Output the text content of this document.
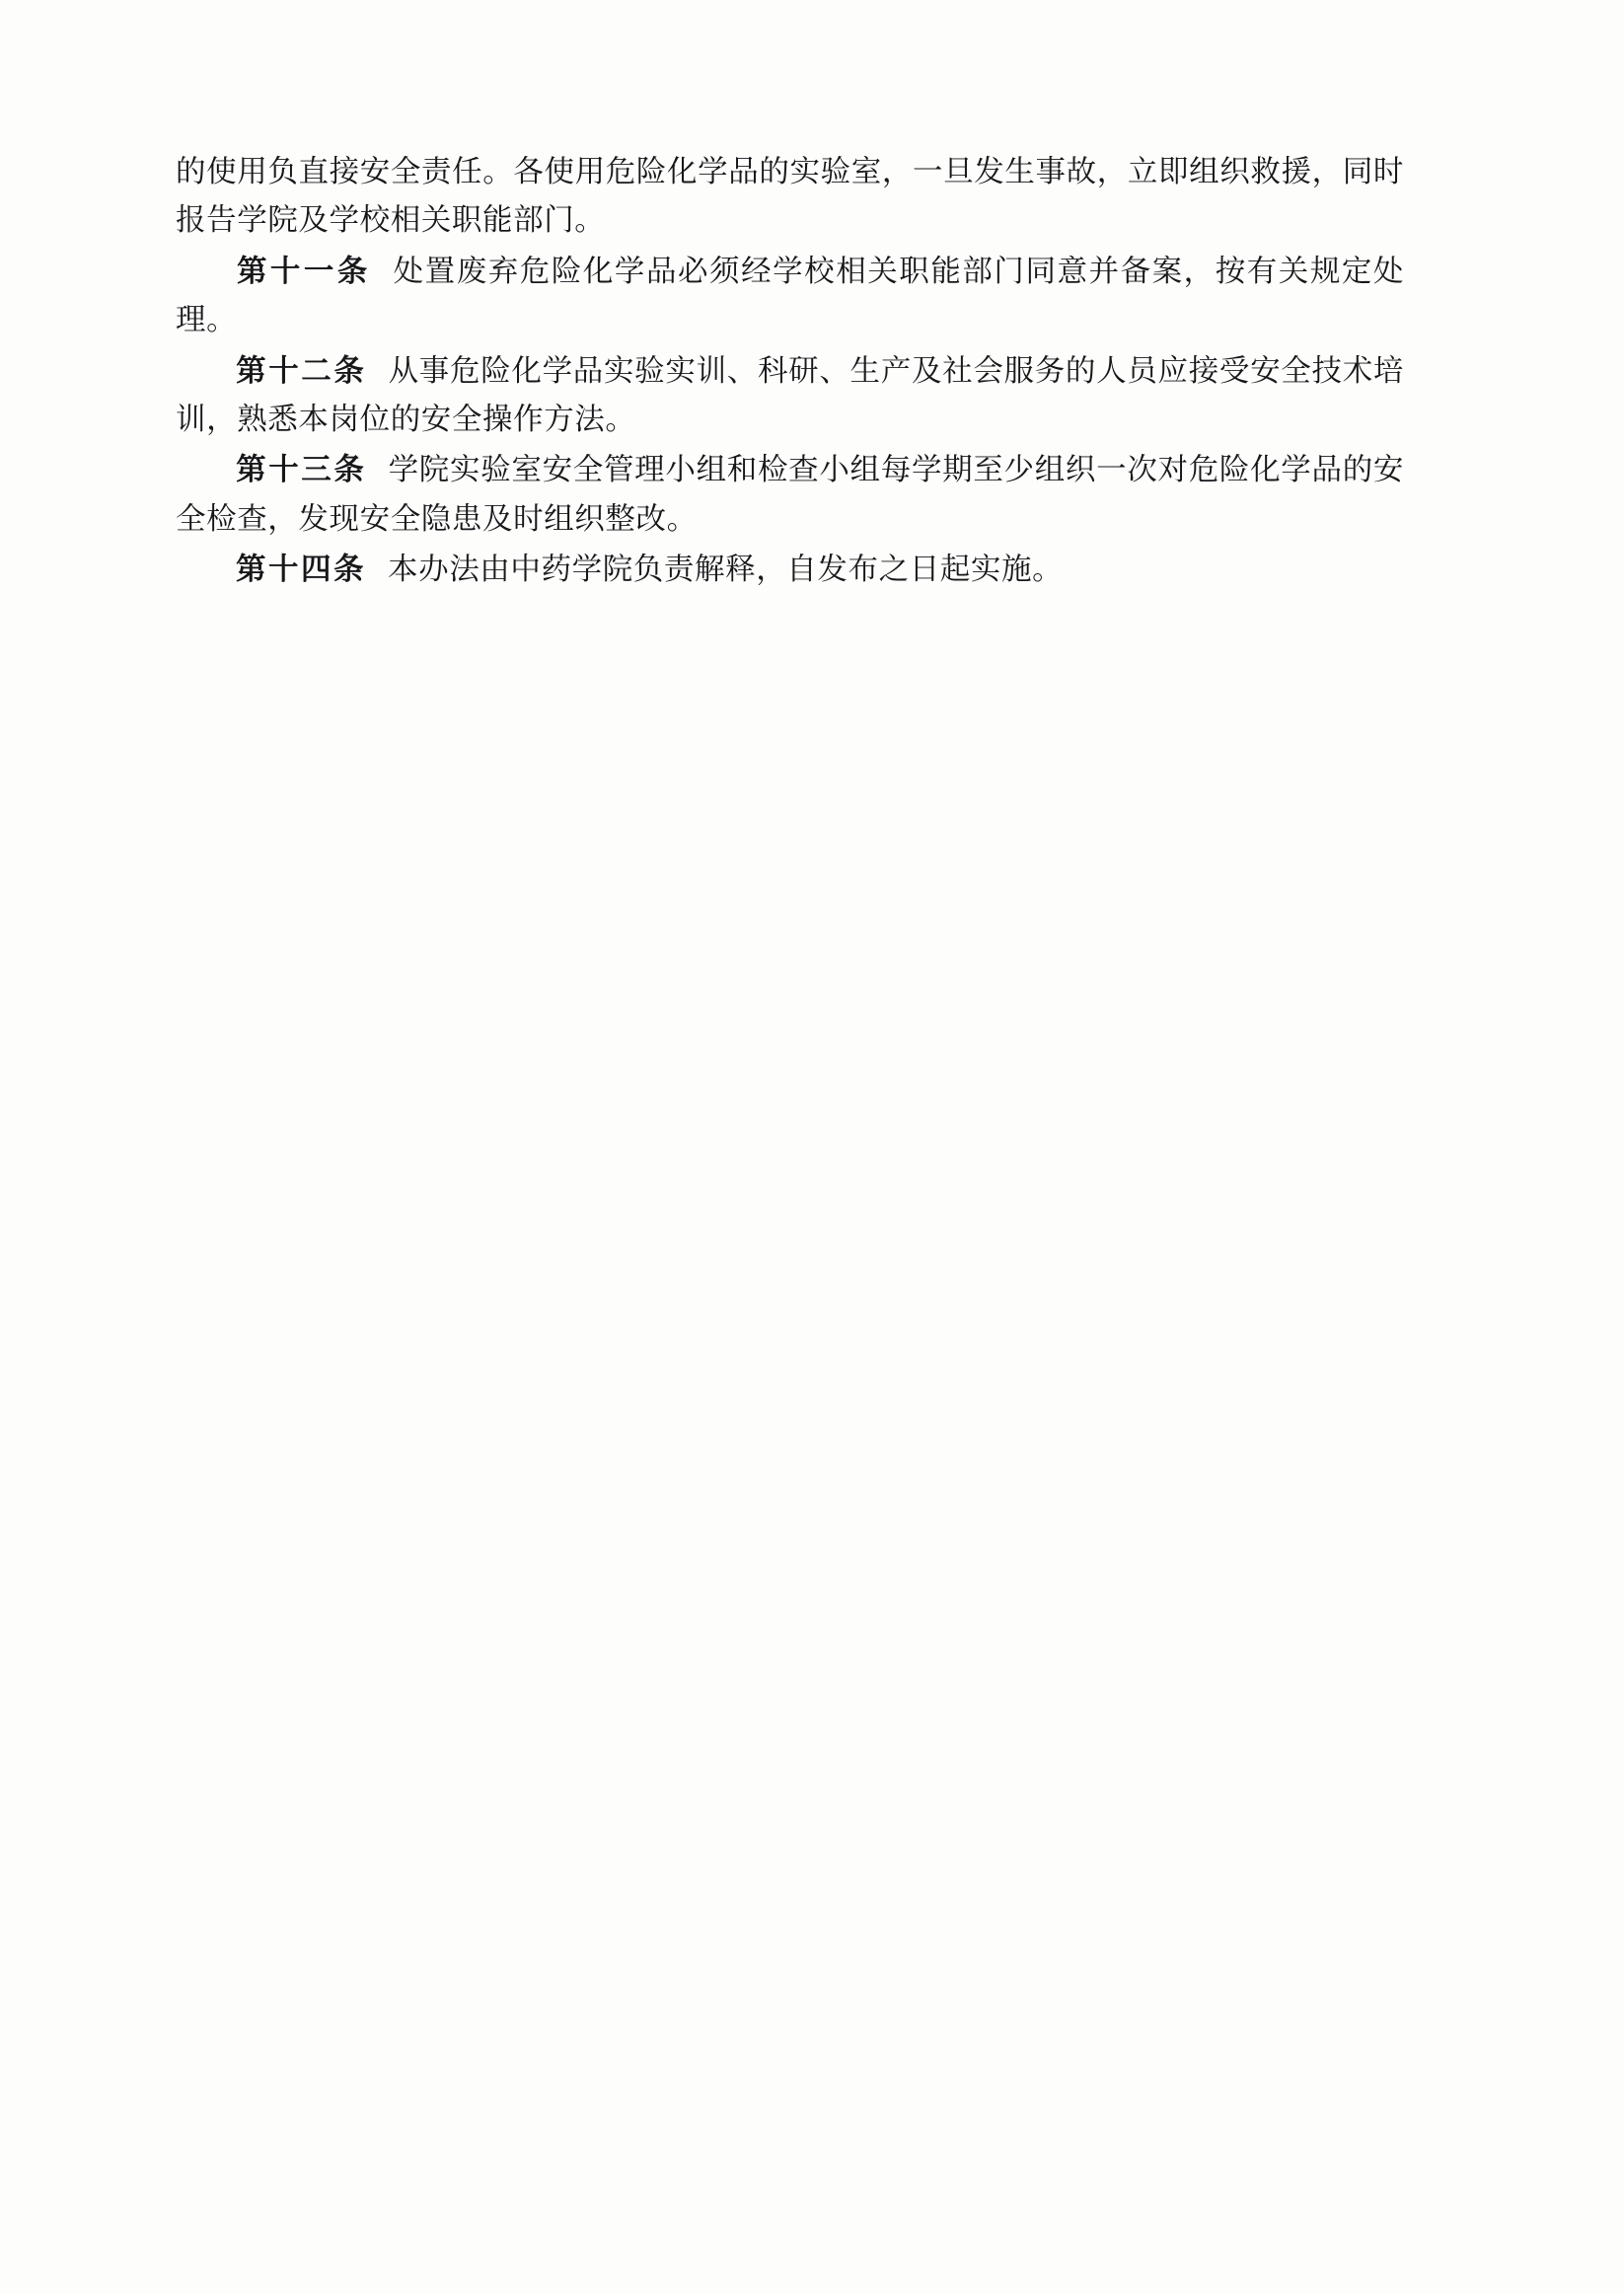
的使用负直接安全责任。各使用危险化学品的实验室，一旦发生事故，立即组织救援，同时报告学院及学校相关职能部门。

第十一条 处置废弃危险化学品必须经学校相关职能部门同意并备案，按有关规定处理。

第十二条 从事危险化学品实验实训、科研、生产及社会服务的人员应接受安全技术培训，熟悉本岗位的安全操作方法。

第十三条 学院实验室安全管理小组和检查小组每学期至少组织一次对危险化学品的安全检查，发现安全隐患及时组织整改。

第十四条 本办法由中药学院负责解释，自发布之日起实施。
